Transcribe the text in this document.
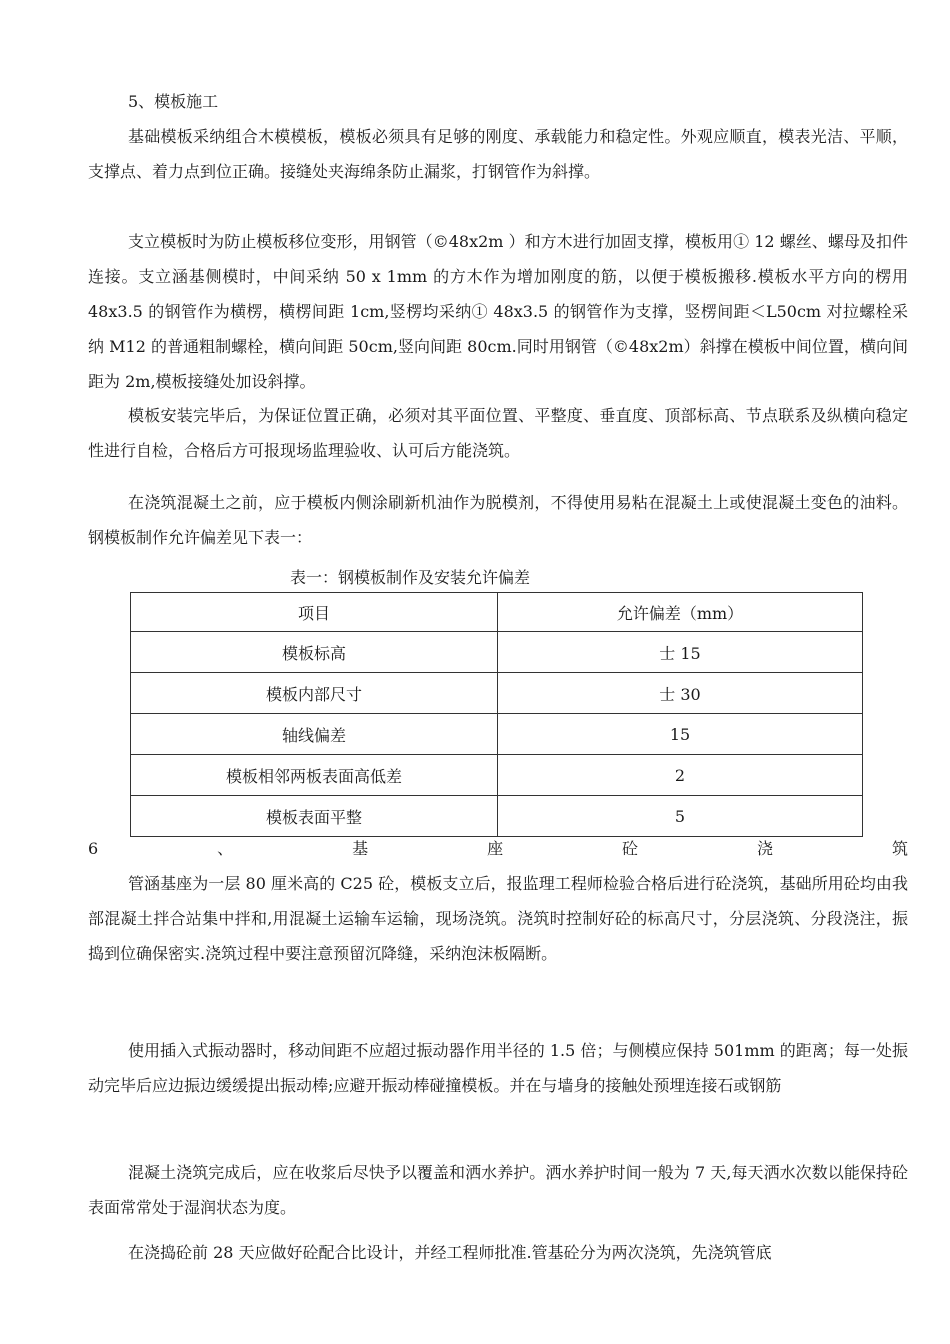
5、模板施工

基础模板采纳组合木模模板，模板必须具有足够的刚度、承载能力和稳定性。外观应顺直，模表光洁、平顺，支撑点、着力点到位正确。接缝处夹海绵条防止漏浆，打钢管作为斜撑。

支立模板时为防止模板移位变形，用钢管（©48x2m ）和方木进行加固支撑，模板用① 12 螺丝、螺母及扣件连接。支立涵基侧模时，中间采纳 50 x 1mm 的方木作为增加刚度的筋，以便于模板搬移.模板水平方向的楞用 48x3.5 的钢管作为横楞，横楞间距 1cm,竖楞均采纳① 48x3.5 的钢管作为支撑，竖楞间距＜L50cm 对拉螺栓采纳 M12 的普通粗制螺栓，横向间距 50cm,竖向间距 80cm.同时用钢管（©48x2m）斜撑在模板中间位置，横向间距为 2m,模板接缝处加设斜撑。

模板安装完毕后，为保证位置正确，必须对其平面位置、平整度、垂直度、顶部标高、节点联系及纵横向稳定性进行自检，合格后方可报现场监理验收、认可后方能浇筑。

在浇筑混凝土之前，应于模板内侧涂刷新机油作为脱模剂，不得使用易粘在混凝土上或使混凝土变色的油料。钢模板制作允许偏差见下表一：

表一：钢模板制作及安装允许偏差

项目	允许偏差（mm）
模板标高	士 15
模板内部尺寸	士 30
轴线偏差	15
模板相邻两板表面高低差	2
模板表面平整	5
6	、	基	座	砼	浇	筑

管涵基座为一层 80 厘米高的 C25 砼，模板支立后，报监理工程师检验合格后进行砼浇筑，基础所用砼均由我部混凝土拌合站集中拌和,用混凝土运输车运输，现场浇筑。浇筑时控制好砼的标高尺寸，分层浇筑、分段浇注，振捣到位确保密实.浇筑过程中要注意预留沉降缝，采纳泡沫板隔断。

使用插入式振动器时，移动间距不应超过振动器作用半径的 1.5 倍；与侧模应保持 501mm 的距离；每一处振动完毕后应边振边缓缓提出振动棒;应避开振动棒碰撞模板。并在与墙身的接触处预埋连接石或钢筋

混凝土浇筑完成后，应在收浆后尽快予以覆盖和洒水养护。洒水养护时间一般为 7 天,每天洒水次数以能保持砼表面常常处于湿润状态为度。

在浇捣砼前 28 天应做好砼配合比设计，并经工程师批准.管基砼分为两次浇筑，先浇筑管底
